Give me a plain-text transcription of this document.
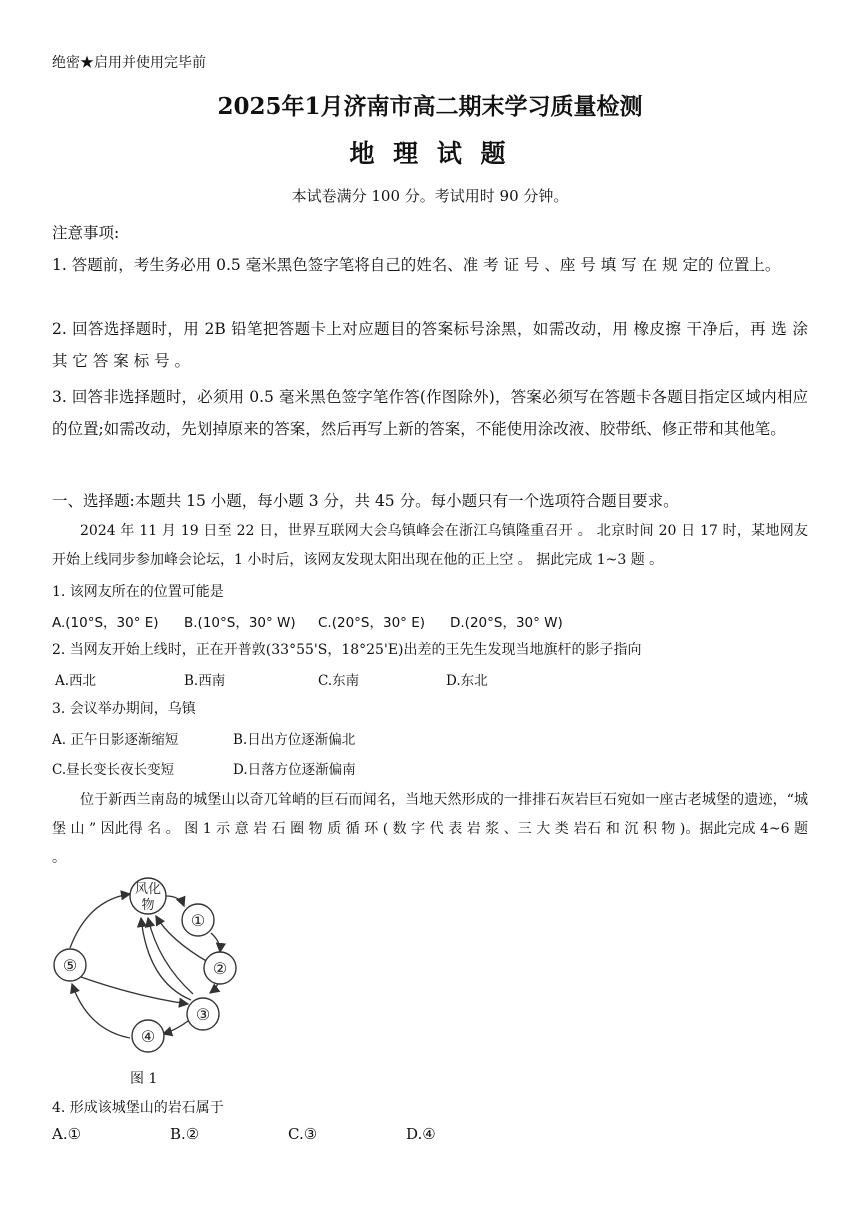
绝密★启用并使用完毕前
2025年1月济南市高二期末学习质量检测
地 理 试 题
本试卷满分 100 分。考试用时 90 分钟。
注意事项:
1. 答题前，考生务必用 0.5 毫米黑色签字笔将自己的姓名、准 考 证 号 、座 号 填 写 在 规 定的 位置上。
2. 回答选择题时，用 2B 铅笔把答题卡上对应题目的答案标号涂黑，如需改动，用 橡皮擦 干净后，再 选 涂 其 它 答 案 标 号 。
3. 回答非选择题时，必须用 0.5 毫米黑色签字笔作答(作图除外)，答案必须写在答题卡各题目指定区域内相应的位置;如需改动，先划掉原来的答案，然后再写上新的答案，不能使用涂改液、胶带纸、修正带和其他笔。
一、选择题:本题共 15 小题，每小题 3 分，共 45 分。每小题只有一个选项符合题目要求。
2024 年 11 月 19 日至 22 日，世界互联网大会乌镇峰会在浙江乌镇隆重召开 。 北京时间 20 日 17 时，某地网友开始上线同步参加峰会论坛，1 小时后，该网友发现太阳出现在他的正上空 。 据此完成 1~3 题 。
1. 该网友所在的位置可能是
A.(10°S，30° E) B.(10°S，30° W) C.(20°S，30° E) D.(20°S，30° W)
2. 当网友开始上线时，正在开普敦(33°55'S，18°25'E)出差的王先生发现当地旗杆的影子指向
A.西北	B.西南	C.东南	D.东北
3. 会议举办期间，乌镇
A. 正午日影逐渐缩短	B.日出方位逐渐偏北
C.昼长变长夜长变短	D.日落方位逐渐偏南
位于新西兰南岛的城堡山以奇兀耸峭的巨石而闻名，当地天然形成的一排排石灰岩巨石宛如一座古老城堡的遗迹，“城 堡 山 ” 因此得 名 。 图 1 示 意 岩 石 圈 物 质 循 环 ( 数 字 代 表 岩 浆 、三 大 类 岩石 和 沉 积 物 )。据此完成 4~6 题 。
风化
物
①
②
③
④
⑤
图 1
4. 形成该城堡山的岩石属于
A.①	B.②	C.③	D.④
